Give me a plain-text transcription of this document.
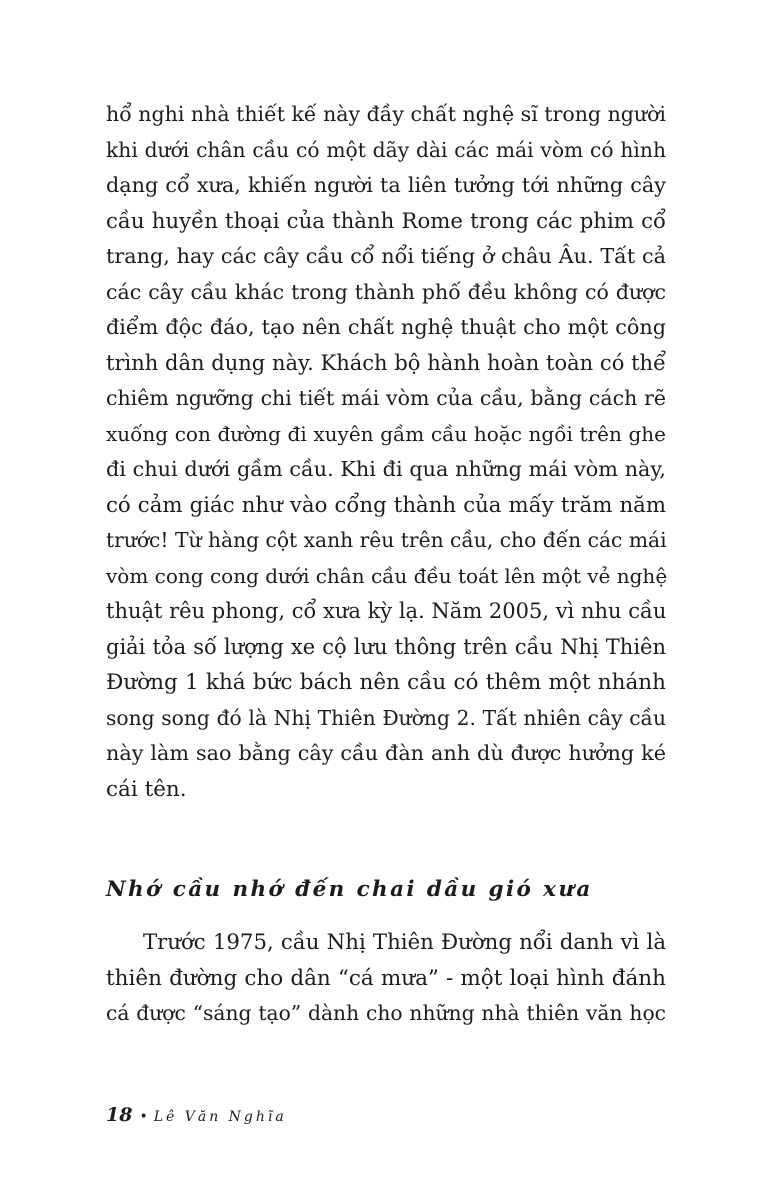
hổ nghi nhà thiết kế này đầy chất nghệ sĩ trong người
khi dưới chân cầu có một dãy dài các mái vòm có hình
dạng cổ xưa, khiến người ta liên tưởng tới những cây
cầu huyền thoại của thành Rome trong các phim cổ
trang, hay các cây cầu cổ nổi tiếng ở châu Âu. Tất cả
các cây cầu khác trong thành phố đều không có được
điểm độc đáo, tạo nên chất nghệ thuật cho một công
trình dân dụng này. Khách bộ hành hoàn toàn có thể
chiêm ngưỡng chi tiết mái vòm của cầu, bằng cách rẽ
xuống con đường đi xuyên gầm cầu hoặc ngồi trên ghe
đi chui dưới gầm cầu. Khi đi qua những mái vòm này,
có cảm giác như vào cổng thành của mấy trăm năm
trước! Từ hàng cột xanh rêu trên cầu, cho đến các mái
vòm cong cong dưới chân cầu đều toát lên một vẻ nghệ
thuật rêu phong, cổ xưa kỳ lạ. Năm 2005, vì nhu cầu
giải tỏa số lượng xe cộ lưu thông trên cầu Nhị Thiên
Đường 1 khá bức bách nên cầu có thêm một nhánh
song song đó là Nhị Thiên Đường 2. Tất nhiên cây cầu
này làm sao bằng cây cầu đàn anh dù được hưởng ké
cái tên.
Nhớ cầu nhớ đến chai dầu gió xưa
Trước 1975, cầu Nhị Thiên Đường nổi danh vì là
thiên đường cho dân “cá mưa” - một loại hình đánh
cá được “sáng tạo” dành cho những nhà thiên văn học
18 • Lê Văn Nghĩa
